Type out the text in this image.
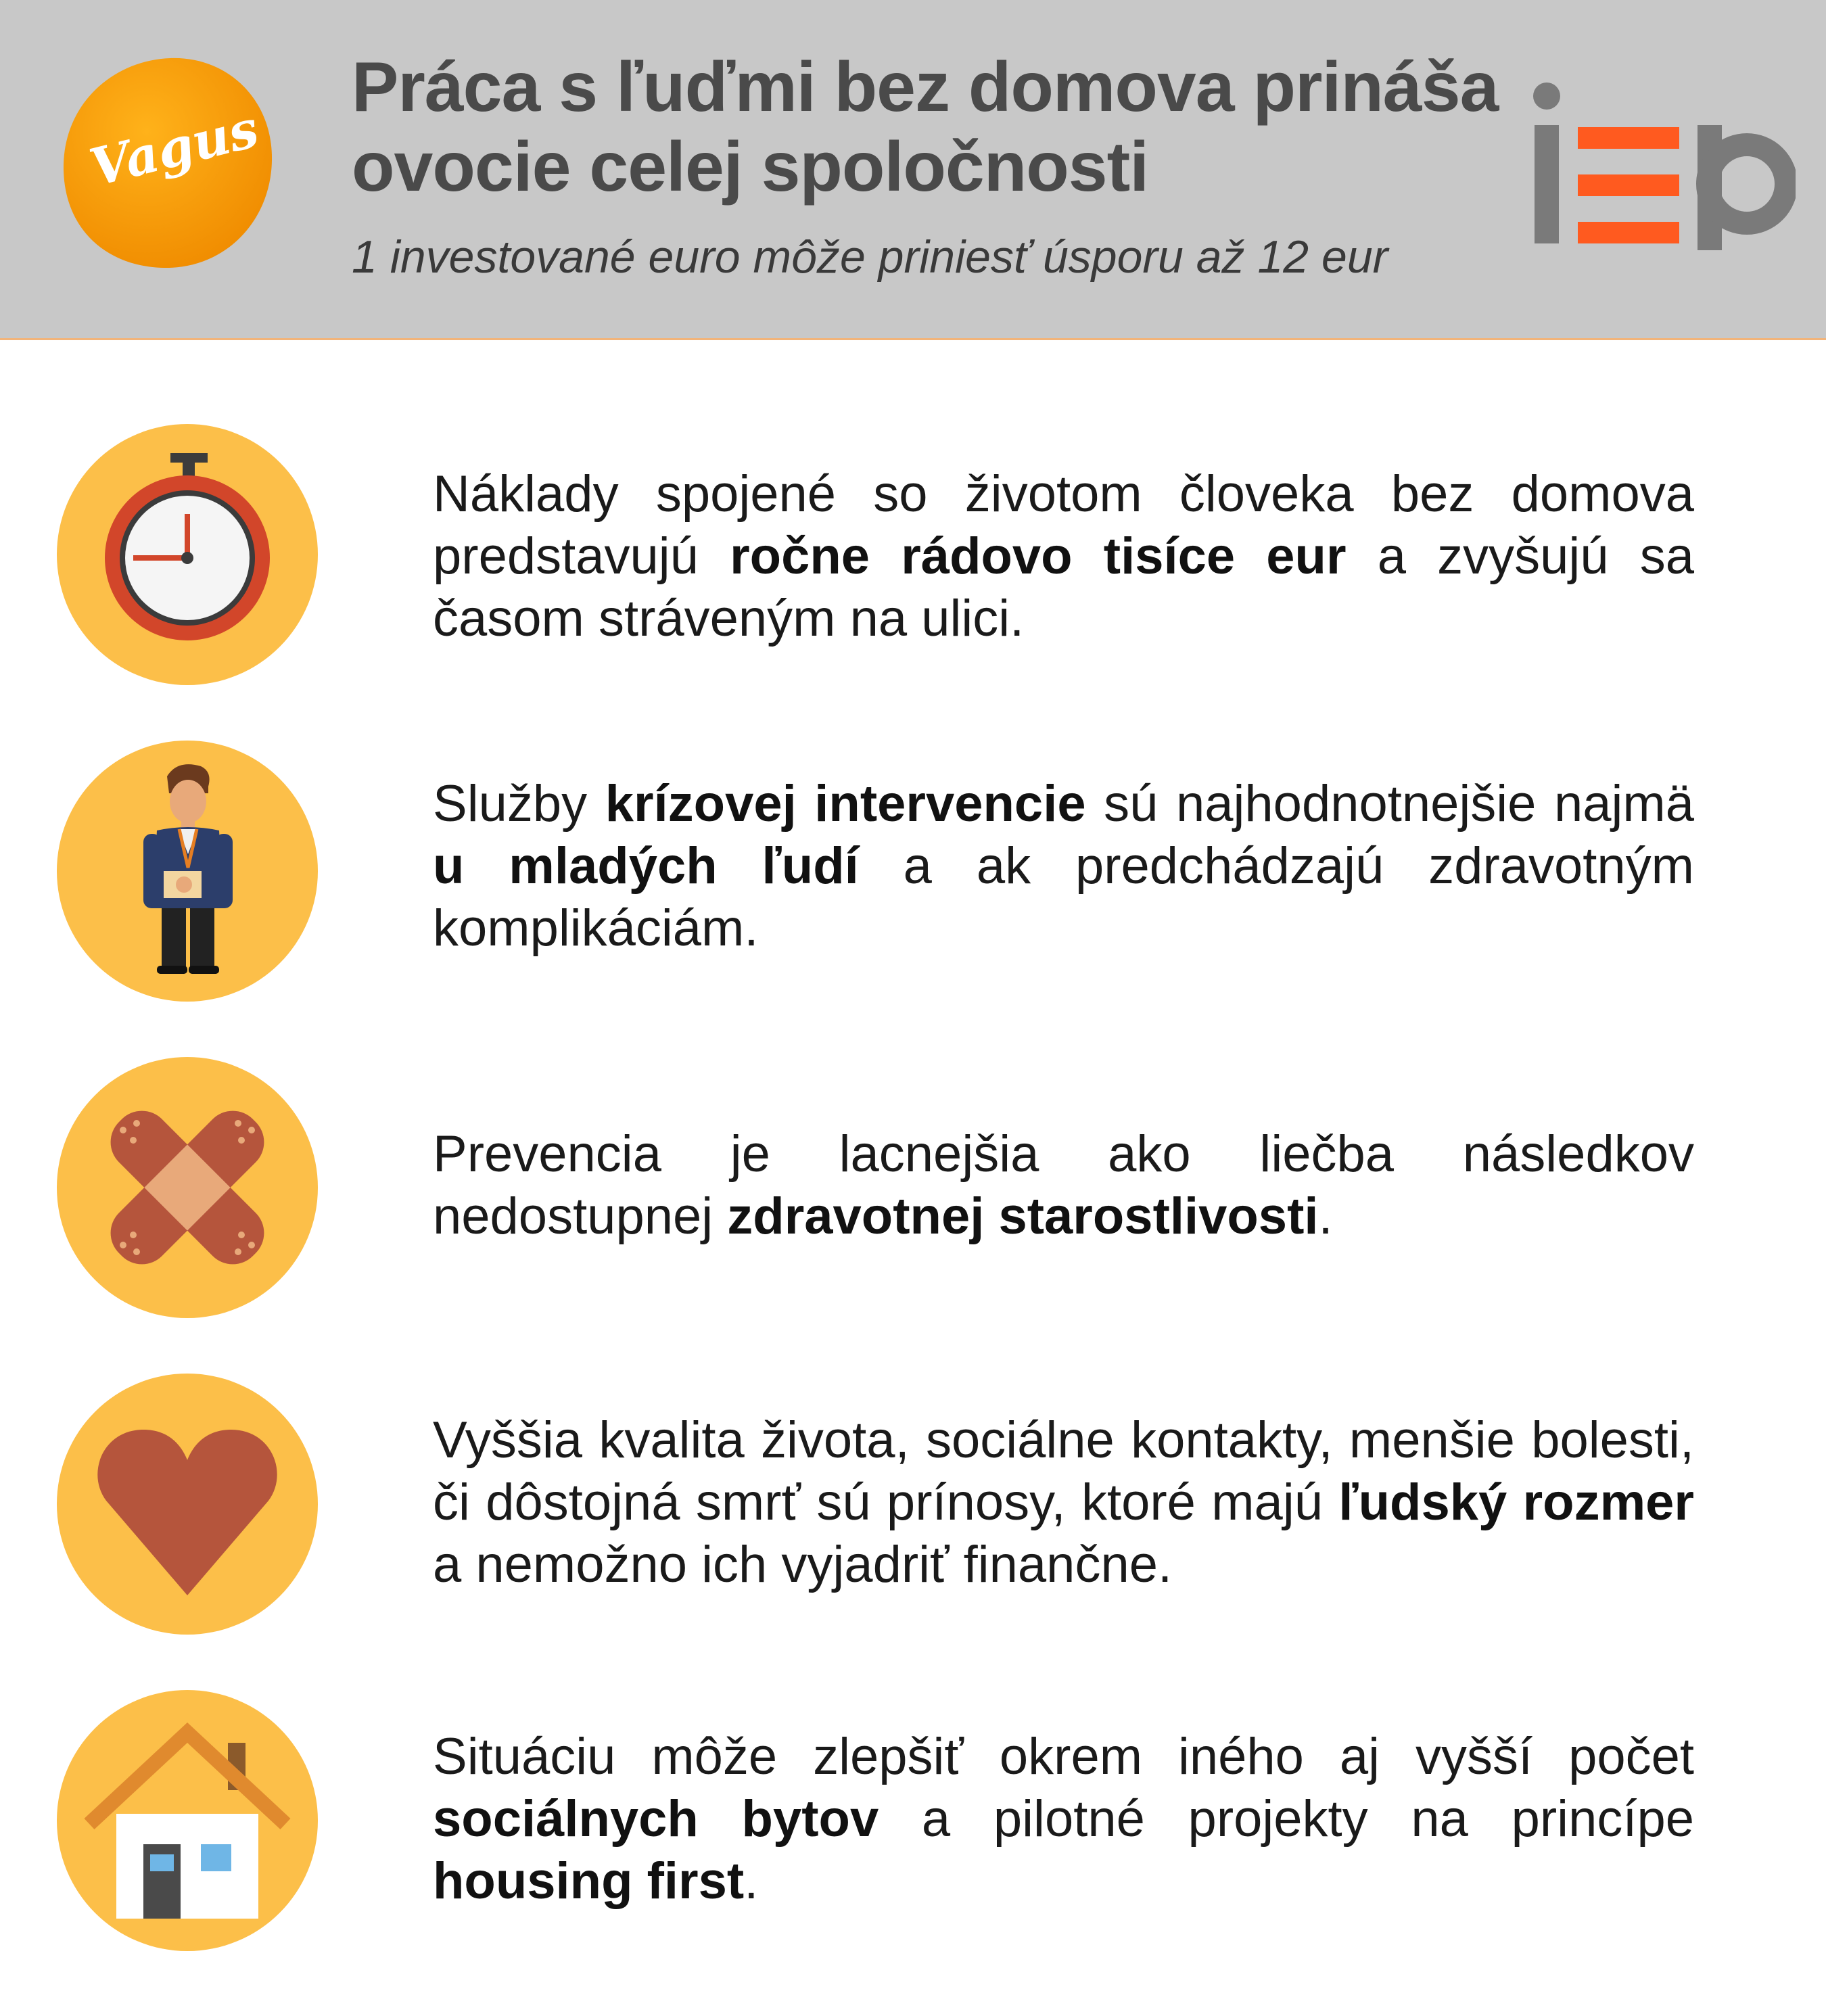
Vagus
Práca s ľuďmi bez domova prináša
ovocie celej spoločnosti

1 investované euro môže priniesť úsporu až 12 eur

Náklady spojené so životom človeka bez domova predstavujú ročne rádovo tisíce eur a zvyšujú sa časom stráveným na ulici.

Služby krízovej intervencie sú najhodnotnejšie najmä u mladých ľudí a ak predchádzajú zdravotným komplikáciám.

Prevencia je lacnejšia ako liečba následkov nedostupnej zdravotnej starostlivosti.

Vyššia kvalita života, sociálne kontakty, menšie bolesti, či dôstojná smrť sú prínosy, ktoré majú ľudský rozmer a nemožno ich vyjadriť finančne.

Situáciu môže zlepšiť okrem iného aj vyšší počet sociálnych bytov a pilotné projekty na princípe housing first.
